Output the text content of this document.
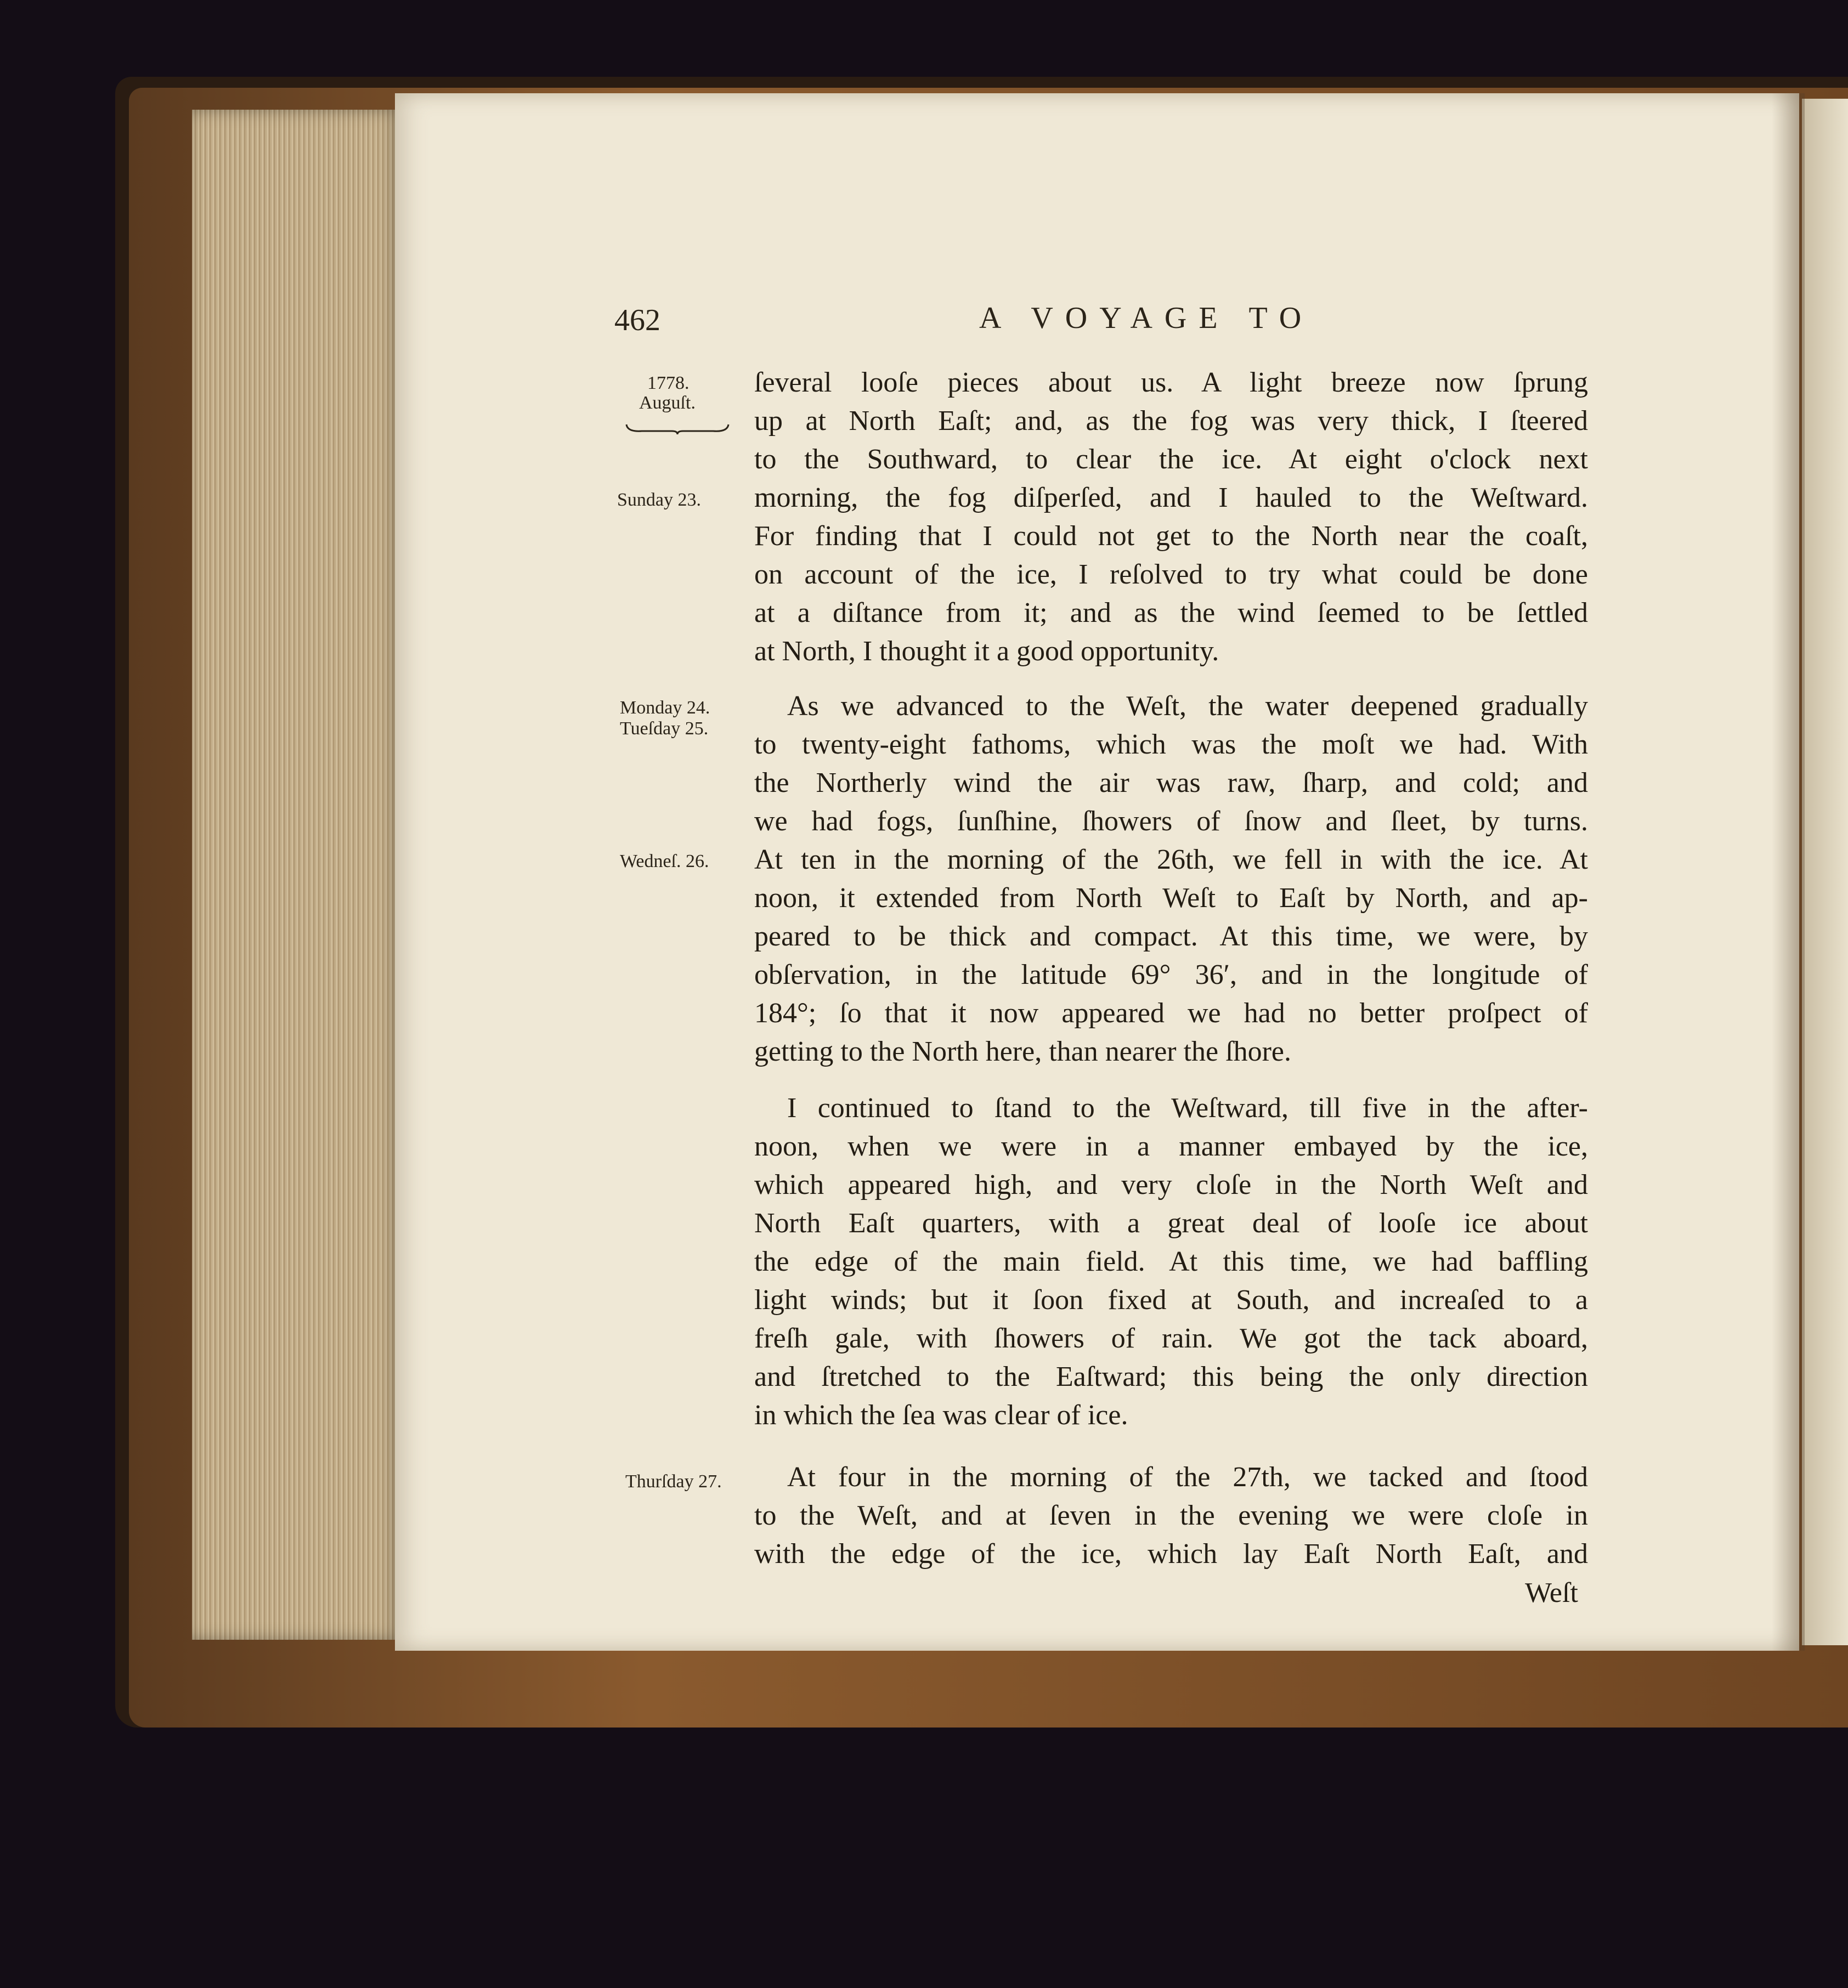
462	A VOYAGE TO
1778.
Auguſt.
Sunday 23.
Monday 24.
Tueſday 25.
Wedneſ. 26.
Thurſday 27.
ſeveral looſe pieces about us. A light breeze now ſprung
up at North Eaſt; and, as the fog was very thick, I ſteered
to the Southward, to clear the ice. At eight o'clock next
morning, the fog diſperſed, and I hauled to the Weſtward.
For finding that I could not get to the North near the coaſt,
on account of the ice, I reſolved to try what could be done
at a diſtance from it; and as the wind ſeemed to be ſettled
at North, I thought it a good opportunity.
As we advanced to the Weſt, the water deepened gradually
to twenty-eight fathoms, which was the moſt we had. With
the Northerly wind the air was raw, ſharp, and cold; and
we had fogs, ſunſhine, ſhowers of ſnow and ſleet, by turns.
At ten in the morning of the 26th, we fell in with the ice. At
noon, it extended from North Weſt to Eaſt by North, and ap-
peared to be thick and compact. At this time, we were, by
obſervation, in the latitude 69° 36′, and in the longitude of
184°; ſo that it now appeared we had no better proſpect of
getting to the North here, than nearer the ſhore.
I continued to ſtand to the Weſtward, till five in the after-
noon, when we were in a manner embayed by the ice,
which appeared high, and very cloſe in the North Weſt and
North Eaſt quarters, with a great deal of looſe ice about
the edge of the main field. At this time, we had baffling
light winds; but it ſoon fixed at South, and increaſed to a
freſh gale, with ſhowers of rain. We got the tack aboard,
and ſtretched to the Eaſtward; this being the only direction
in which the ſea was clear of ice.
At four in the morning of the 27th, we tacked and ſtood
to the Weſt, and at ſeven in the evening we were cloſe in
with the edge of the ice, which lay Eaſt North Eaſt, and
Weſt
